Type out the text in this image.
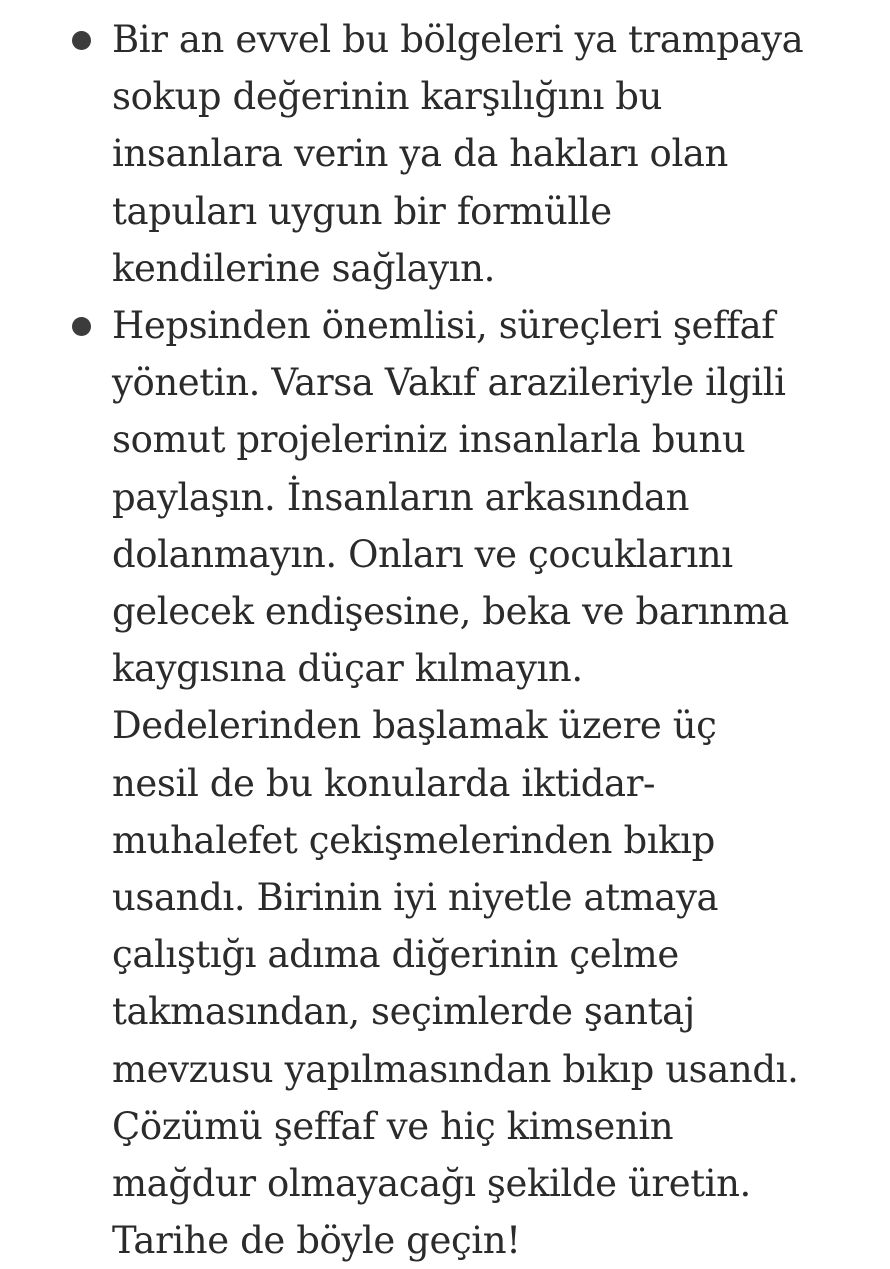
Bir an evvel bu bölgeleri ya trampaya
sokup değerinin karşılığını bu
insanlara verin ya da hakları olan
tapuları uygun bir formülle
kendilerine sağlayın.
Hepsinden önemlisi, süreçleri şeffaf
yönetin. Varsa Vakıf arazileriyle ilgili
somut projeleriniz insanlarla bunu
paylaşın. İnsanların arkasından
dolanmayın. Onları ve çocuklarını
gelecek endişesine, beka ve barınma
kaygısına düçar kılmayın.
Dedelerinden başlamak üzere üç
nesil de bu konularda iktidar-
muhalefet çekişmelerinden bıkıp
usandı. Birinin iyi niyetle atmaya
çalıştığı adıma diğerinin çelme
takmasından, seçimlerde şantaj
mevzusu yapılmasından bıkıp usandı.
Çözümü şeffaf ve hiç kimsenin
mağdur olmayacağı şekilde üretin.
Tarihe de böyle geçin!
